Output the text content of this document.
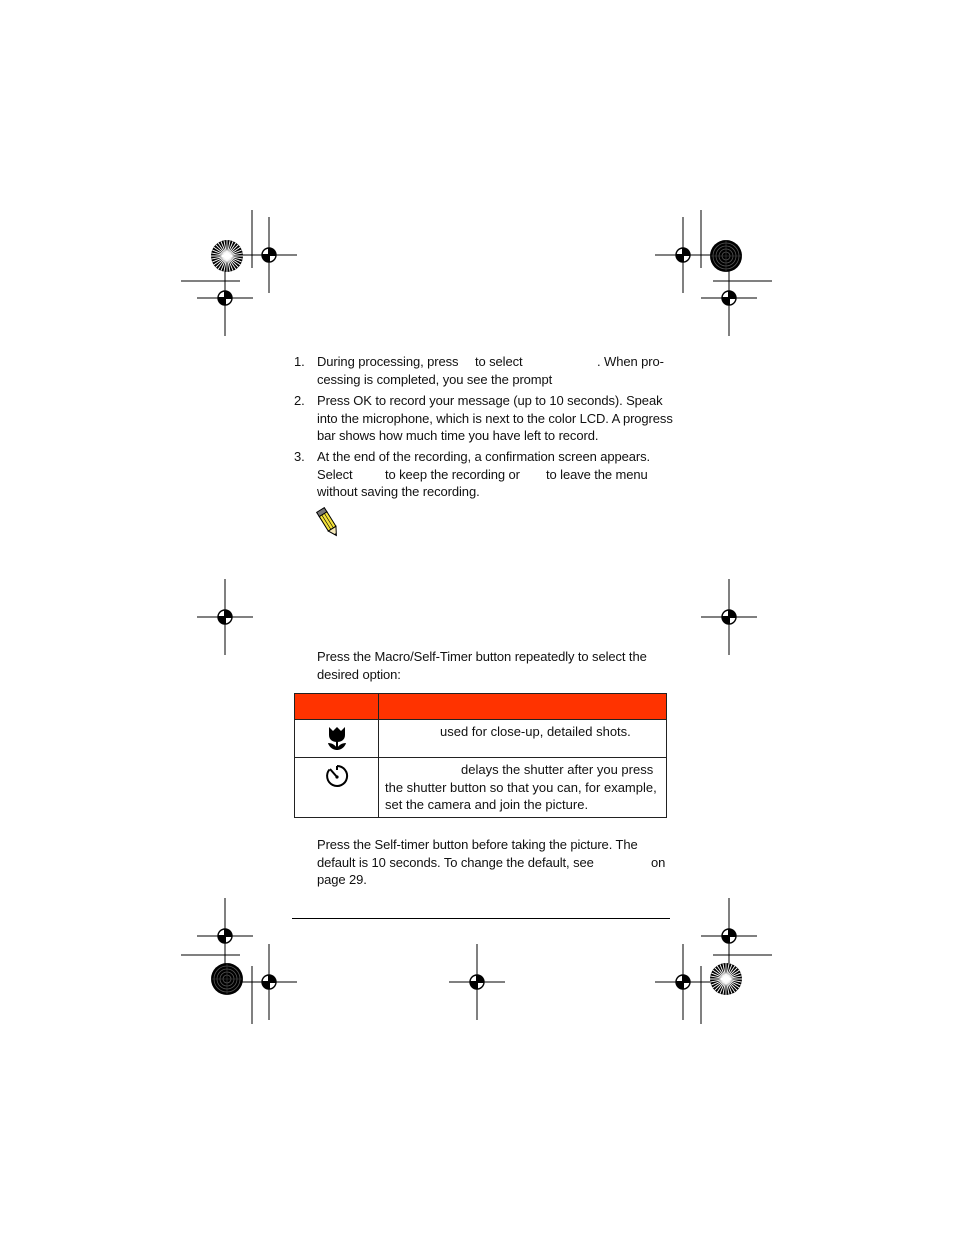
1. During processing, press to select	. When pro-
cessing is completed, you see the prompt
2. Press OK to record your message (up to 10 seconds). Speak
into the microphone, which is next to the color LCD. A progress
bar shows how much time you have left to record.
3. At the end of the recording, a confirmation screen appears.
Select to keep the recording or to leave the menu
without saving the recording.
Press the Macro/Self-Timer button repeatedly to select the
desired option:

used for close-up, detailed shots.

delays the shutter after you press
the shutter button so that you can, for example,
set the camera and join the picture.
Press the Self-timer button before taking the picture. The
default is 10 seconds. To change the default, see	on
page 29.
